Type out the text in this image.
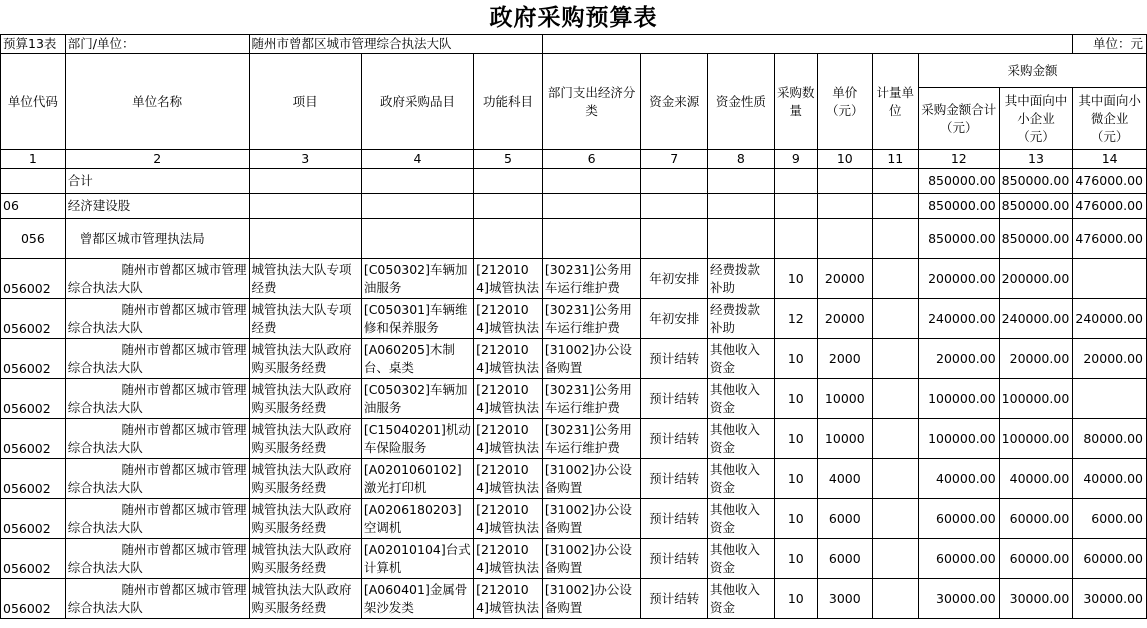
政府采购预算表
预算13表	部门/单位：	随州市曾都区城市管理综合执法大队											单位：元
单位代码	单位名称	项目	政府采购品目	功能科目	部门支出经济分类	资金来源	资金性质	采购数量	单价（元）	计量单位	采购金额		
											采购金额合计（元）	其中面向中小企业（元）	其中面向小微企业（元）
1	2	3	4	5	6	7	8	9	10	11	12	13	14
	合计										850000.00	850000.00	476000.00
06	经济建设股										850000.00	850000.00	476000.00
056	曾都区城市管理执法局										850000.00	850000.00	476000.00
056002	随州市曾都区城市管理
综合执法大队	城管执法大队专项经费	[C050302]车辆加油服务	[2120104]城管执法	[30231]公务用车运行维护费	年初安排	经费拨款补助	10	20000		200000.00	200000.00	
056002	随州市曾都区城市管理
综合执法大队	城管执法大队专项经费	[C050301]车辆维修和保养服务	[2120104]城管执法	[30231]公务用车运行维护费	年初安排	经费拨款补助	12	20000		240000.00	240000.00	240000.00
056002	随州市曾都区城市管理
综合执法大队	城管执法大队政府购买服务经费	[A060205]木制台、桌类	[2120104]城管执法	[31002]办公设备购置	预计结转	其他收入资金	10	2000		20000.00	20000.00	20000.00
056002	随州市曾都区城市管理
综合执法大队	城管执法大队政府购买服务经费	[C050302]车辆加油服务	[2120104]城管执法	[30231]公务用车运行维护费	预计结转	其他收入资金	10	10000		100000.00	100000.00	
056002	随州市曾都区城市管理
综合执法大队	城管执法大队政府购买服务经费	[C15040201]机动车保险服务	[2120104]城管执法	[30231]公务用车运行维护费	预计结转	其他收入资金	10	10000		100000.00	100000.00	80000.00
056002	随州市曾都区城市管理
综合执法大队	城管执法大队政府购买服务经费	[A0201060102]激光打印机	[2120104]城管执法	[31002]办公设备购置	预计结转	其他收入资金	10	4000		40000.00	40000.00	40000.00
056002	随州市曾都区城市管理
综合执法大队	城管执法大队政府购买服务经费	[A0206180203]空调机	[2120104]城管执法	[31002]办公设备购置	预计结转	其他收入资金	10	6000		60000.00	60000.00	6000.00
056002	随州市曾都区城市管理
综合执法大队	城管执法大队政府购买服务经费	[A02010104]台式计算机	[2120104]城管执法	[31002]办公设备购置	预计结转	其他收入资金	10	6000		60000.00	60000.00	60000.00
056002	随州市曾都区城市管理
综合执法大队	城管执法大队政府购买服务经费	[A060401]金属骨架沙发类	[2120104]城管执法	[31002]办公设备购置	预计结转	其他收入资金	10	3000		30000.00	30000.00	30000.00
